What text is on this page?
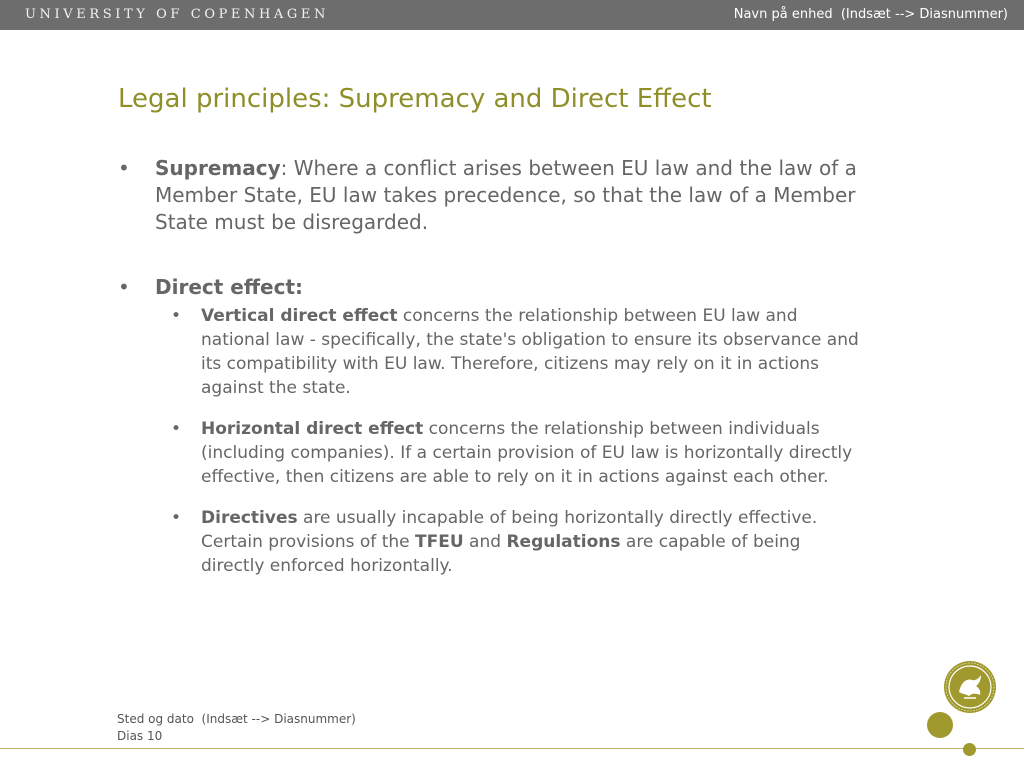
UNIVERSITY OF COPENHAGEN	Navn på enhed  (Indsæt --> Diasnummer)
Legal principles: Supremacy and Direct Effect

• Supremacy: Where a conflict arises between EU law and the law of a Member State, EU law takes precedence, so that the law of a Member State must be disregarded.

• Direct effect:

• Vertical direct effect concerns the relationship between EU law and national law - specifically, the state's obligation to ensure its observance and its compatibility with EU law. Therefore, citizens may rely on it in actions against the state.

• Horizontal direct effect concerns the relationship between individuals (including companies). If a certain provision of EU law is horizontally directly effective, then citizens are able to rely on it in actions against each other.

• Directives are usually incapable of being horizontally directly effective. Certain provisions of the TFEU and Regulations are capable of being directly enforced horizontally.

Sted og dato  (Indsæt --> Diasnummer)
Dias 10
